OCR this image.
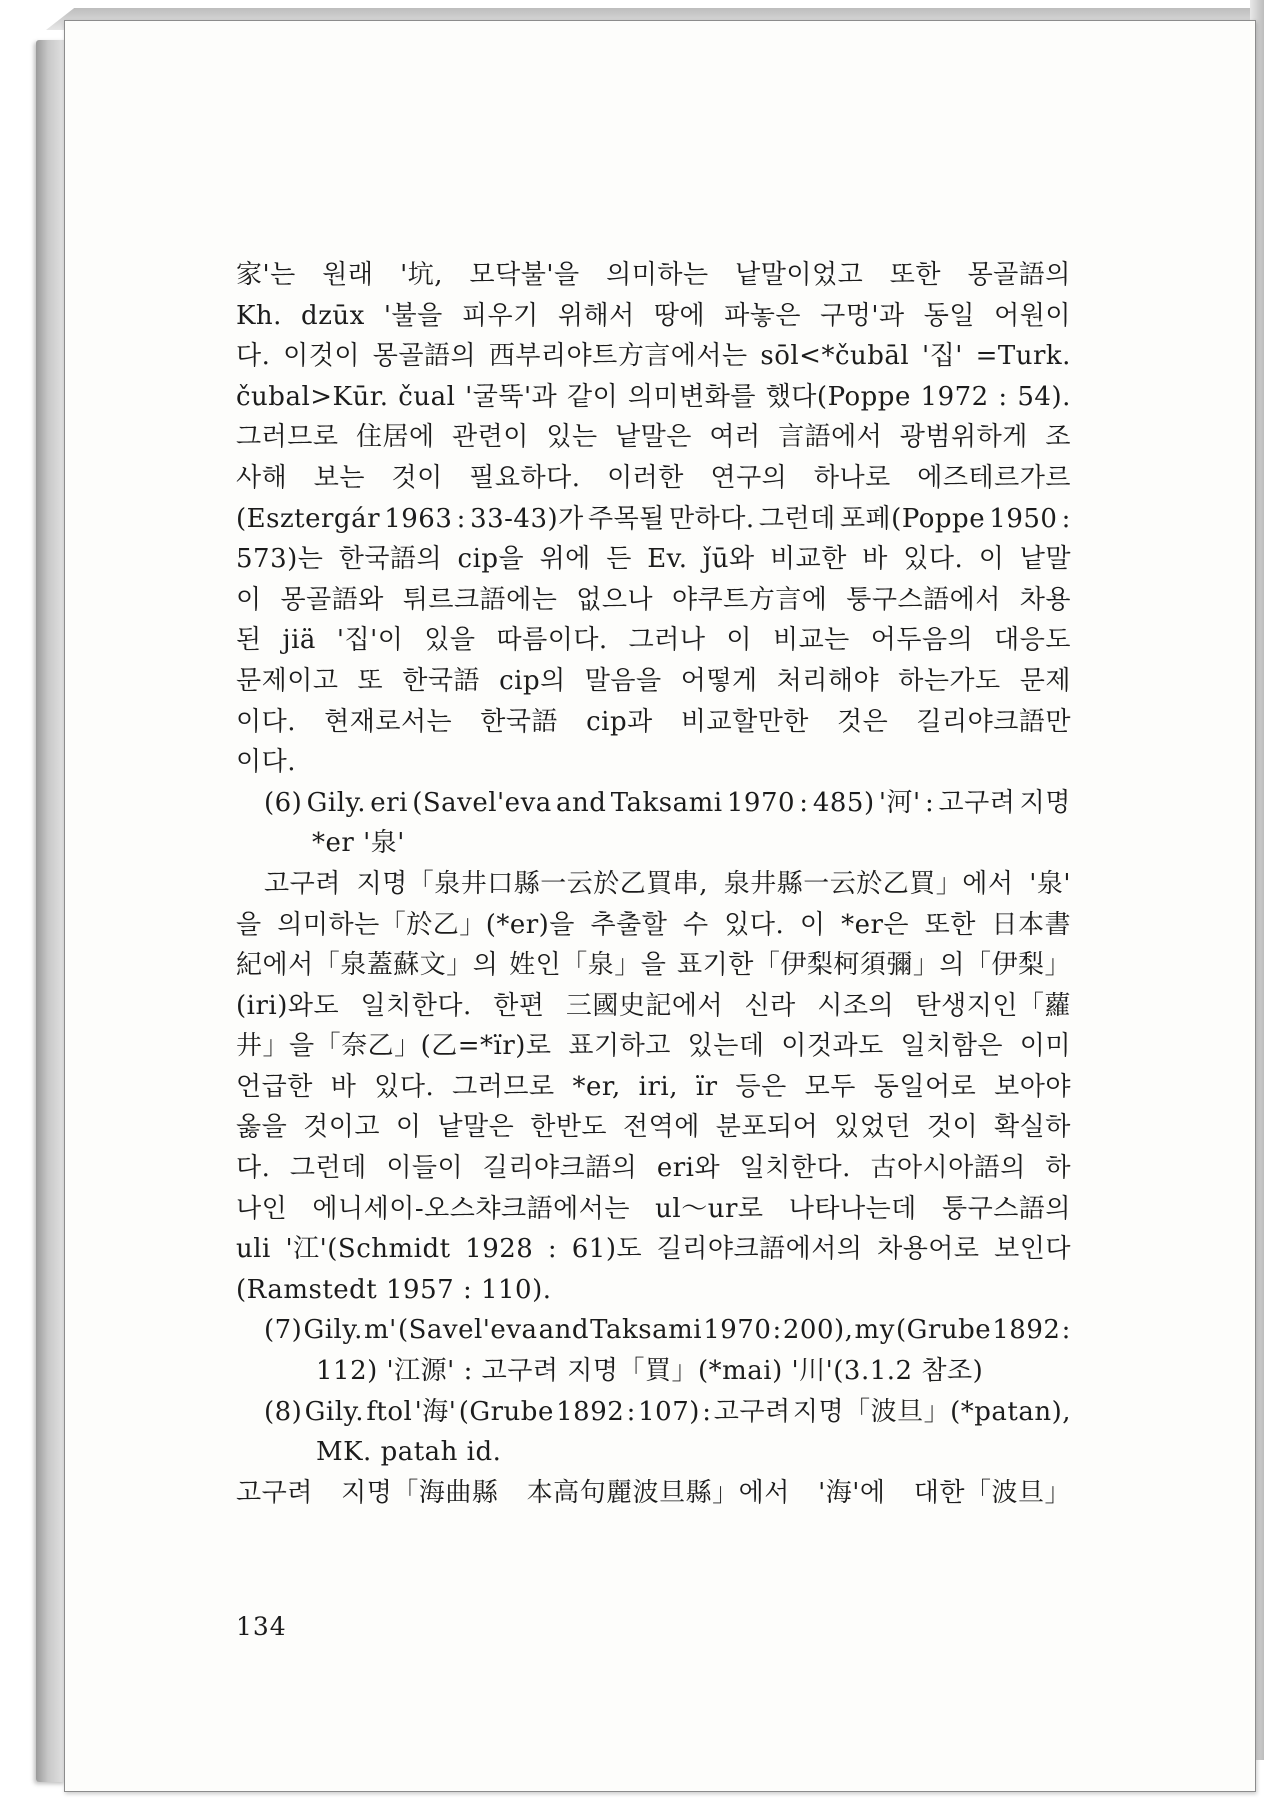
家'는 원래 '坑, 모닥불'을 의미하는 낱말이었고 또한 몽골語의
Kh. dzūx '불을 피우기 위해서 땅에 파놓은 구멍'과 동일 어원이
다. 이것이 몽골語의 西부리야트方言에서는 sōl<*čubāl '집' =Turk.
čubal>Kūr. čual '굴뚝'과 같이 의미변화를 했다(Poppe 1972 : 54).
그러므로 住居에 관련이 있는 낱말은 여러 言語에서 광범위하게 조
사해 보는 것이 필요하다. 이러한 연구의 하나로 에즈테르가르
(Esztergár 1963 : 33-43)가 주목될 만하다. 그런데 포페(Poppe 1950 :
573)는 한국語의 cip을 위에 든 Ev. ǰū와 비교한 바 있다. 이 낱말
이 몽골語와 튀르크語에는 없으나 야쿠트方言에 퉁구스語에서 차용
된 jiä '집'이 있을 따름이다. 그러나 이 비교는 어두음의 대응도
문제이고 또 한국語 cip의 말음을 어떻게 처리해야 하는가도 문제
이다. 현재로서는 한국語 cip과 비교할만한 것은 길리야크語만
이다.
(6) Gily. eri (Savel'eva and Taksami 1970 : 485) '河' : 고구려 지명
*er '泉'
고구려 지명「泉井口縣一云於乙買串, 泉井縣一云於乙買」에서 '泉'
을 의미하는「於乙」(*er)을 추출할 수 있다. 이 *er은 또한 日本書
紀에서「泉蓋蘇文」의 姓인「泉」을 표기한「伊梨柯須彌」의「伊梨」
(iri)와도 일치한다. 한편 三國史記에서 신라 시조의 탄생지인「蘿
井」을「奈乙」(乙=*ïr)로 표기하고 있는데 이것과도 일치함은 이미
언급한 바 있다. 그러므로 *er, iri, ïr 등은 모두 동일어로 보아야
옳을 것이고 이 낱말은 한반도 전역에 분포되어 있었던 것이 확실하
다. 그런데 이들이 길리야크語의 eri와 일치한다. 古아시아語의 하
나인 에니세이-오스챠크語에서는 ul～ur로 나타나는데 퉁구스語의
uli '江'(Schmidt 1928 : 61)도 길리야크語에서의 차용어로 보인다
(Ramstedt 1957 : 110).
(7) Gily. m' (Savel'eva and Taksami 1970 : 200), my (Grube 1892 :
112) '江源' : 고구려 지명「買」(*mai) '川'(3.1.2 참조)
(8) Gily. ftol '海' (Grube 1892 : 107) : 고구려 지명「波旦」(*patan),
MK. patah id.
고구려 지명「海曲縣 本高句麗波旦縣」에서 '海'에 대한「波旦」
134
